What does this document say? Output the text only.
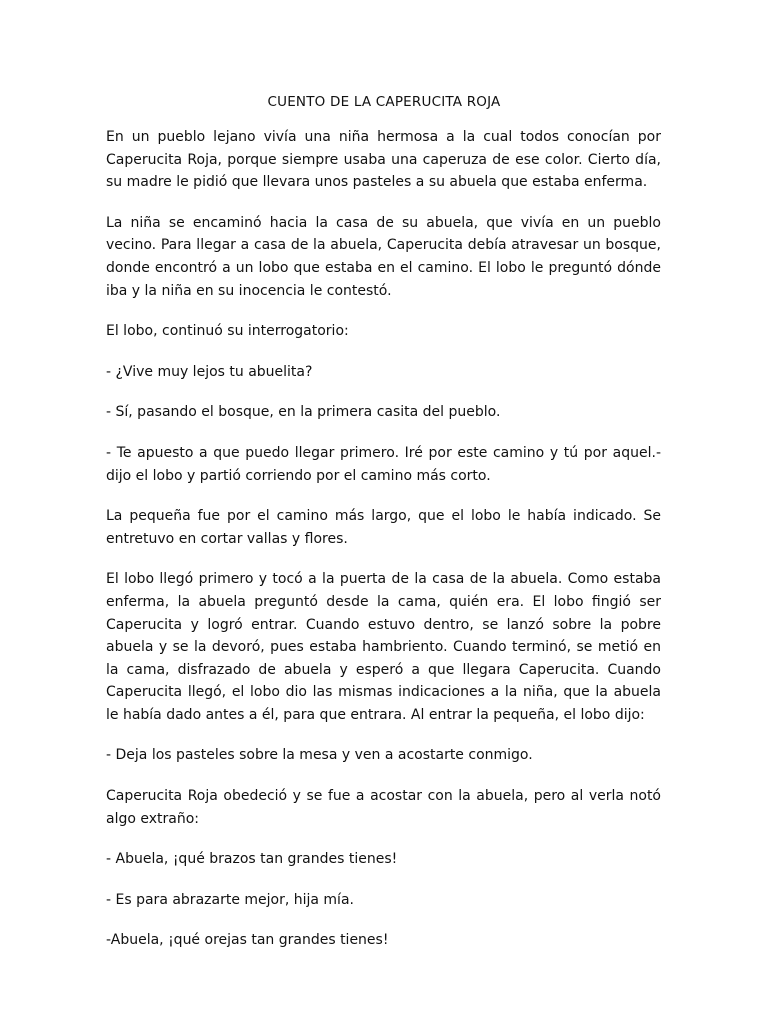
CUENTO DE LA CAPERUCITA ROJA

En un pueblo lejano vivía una niña hermosa a la cual todos conocían por Caperucita Roja, porque siempre usaba una caperuza de ese color. Cierto día, su madre le pidió que llevara unos pasteles a su abuela que estaba enferma.

La niña se encaminó hacia la casa de su abuela, que vivía en un pueblo vecino. Para llegar a casa de la abuela, Caperucita debía atravesar un bosque, donde encontró a un lobo que estaba en el camino. El lobo le preguntó dónde iba y la niña en su inocencia le contestó.

El lobo, continuó su interrogatorio:

- ¿Vive muy lejos tu abuelita?

- Sí, pasando el bosque, en la primera casita del pueblo.

- Te apuesto a que puedo llegar primero. Iré por este camino y tú por aquel.- dijo el lobo y partió corriendo por el camino más corto.

La pequeña fue por el camino más largo, que el lobo le había indicado. Se entretuvo en cortar vallas y flores.

El lobo llegó primero y tocó a la puerta de la casa de la abuela. Como estaba enferma, la abuela preguntó desde la cama, quién era. El lobo fingió ser Caperucita y logró entrar. Cuando estuvo dentro, se lanzó sobre la pobre abuela y se la devoró, pues estaba hambriento. Cuando terminó, se metió en la cama, disfrazado de abuela y esperó a que llegara Caperucita. Cuando Caperucita llegó, el lobo dio las mismas indicaciones a la niña, que la abuela le había dado antes a él, para que entrara. Al entrar la pequeña, el lobo dijo:

- Deja los pasteles sobre la mesa y ven a acostarte conmigo.

Caperucita Roja obedeció y se fue a acostar con la abuela, pero al verla notó algo extraño:

- Abuela, ¡qué brazos tan grandes tienes!

- Es para abrazarte mejor, hija mía.

-Abuela, ¡qué orejas tan grandes tienes!
